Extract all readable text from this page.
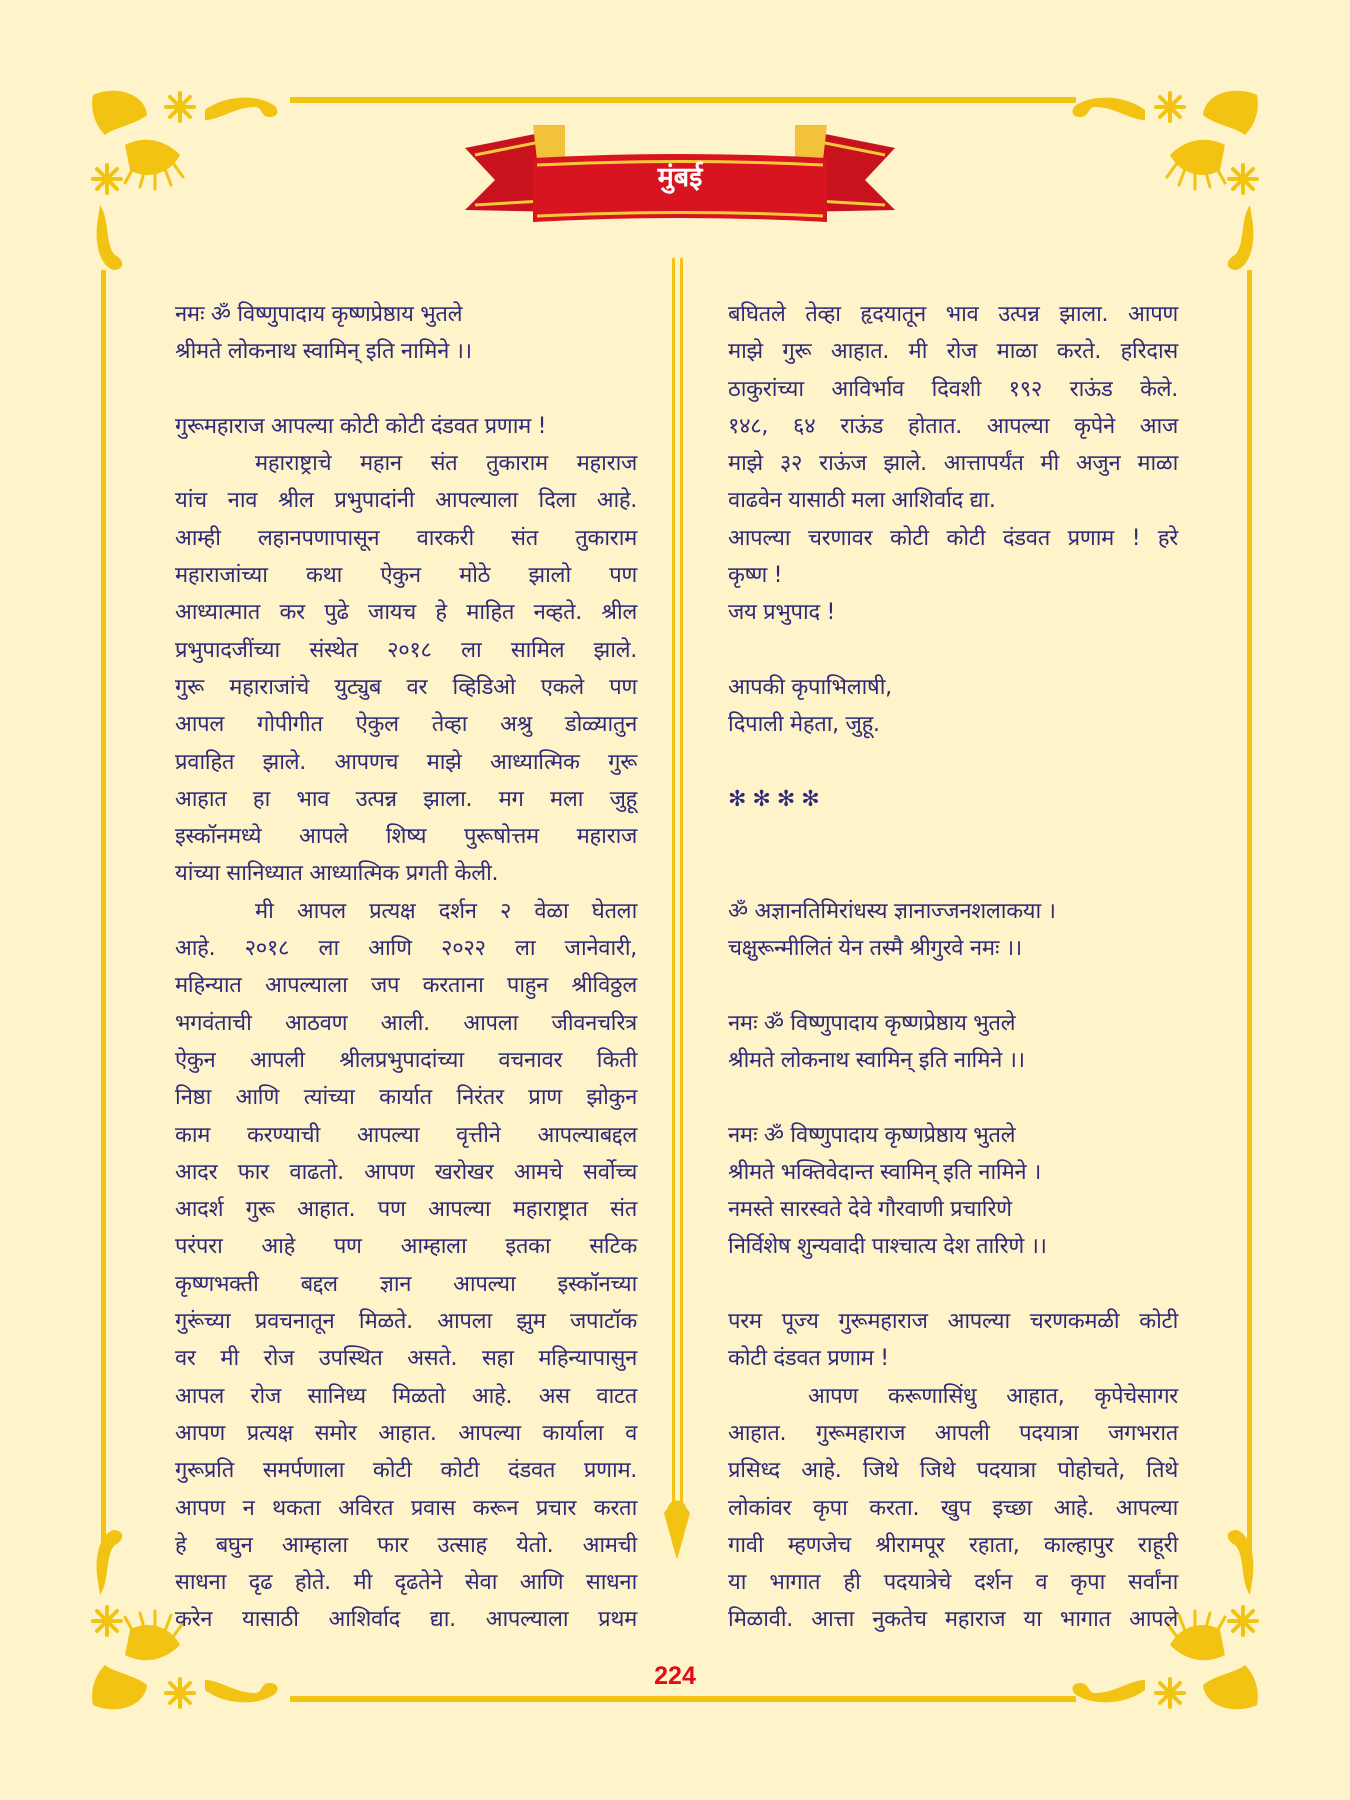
मुंबई
नमः ॐ विष्णुपादाय कृष्णप्रेष्ठाय भुतले
श्रीमते लोकनाथ स्वामिन् इति नामिने ।।
गुरूमहाराज आपल्या कोटी कोटी दंडवत प्रणाम !
महाराष्ट्राचे महान संत तुकाराम महाराज
यांच नाव श्रील प्रभुपादांनी आपल्याला दिला आहे.
आम्ही लहानपणापासून वारकरी संत तुकाराम
महाराजांच्या कथा ऐकुन मोठे झालो पण
आध्यात्मात कर पुढे जायच हे माहित नव्हते. श्रील
प्रभुपादजींच्या संस्थेत २०१८ ला सामिल झाले.
गुरू महाराजांचे युट्युब वर व्हिडिओ एकले पण
आपल गोपीगीत ऐकुल तेव्हा अश्रु डोळ्यातुन
प्रवाहित झाले. आपणच माझे आध्यात्मिक गुरू
आहात हा भाव उत्पन्न झाला. मग मला जुहू
इस्कॉनमध्ये आपले शिष्य पुरूषोत्तम महाराज
यांच्या सानिध्यात आध्यात्मिक प्रगती केली.
मी आपल प्रत्यक्ष दर्शन २ वेळा घेतला
आहे. २०१८ ला आणि २०२२ ला जानेवारी,
महिन्यात आपल्याला जप करताना पाहुन श्रीविठ्ठल
भगवंताची आठवण आली. आपला जीवनचरित्र
ऐकुन आपली श्रीलप्रभुपादांच्या वचनावर किती
निष्ठा आणि त्यांच्या कार्यात निरंतर प्राण झोकुन
काम करण्याची आपल्या वृत्तीने आपल्याबद्दल
आदर फार वाढतो. आपण खरोखर आमचे सर्वोच्च
आदर्श गुरू आहात. पण आपल्या महाराष्ट्रात संत
परंपरा आहे पण आम्हाला इतका सटिक
कृष्णभक्ती बद्दल ज्ञान आपल्या इस्कॉनच्या
गुरूंच्या प्रवचनातून मिळते. आपला झुम जपाटॉक
वर मी रोज उपस्थित असते. सहा महिन्यापासुन
आपल रोज सानिध्य मिळतो आहे. अस वाटत
आपण प्रत्यक्ष समोर आहात. आपल्या कार्याला व
गुरूप्रति समर्पणाला कोटी कोटी दंडवत प्रणाम.
आपण न थकता अविरत प्रवास करून प्रचार करता
हे बघुन आम्हाला फार उत्साह येतो. आमची
साधना दृढ होते. मी दृढतेने सेवा आणि साधना
करेन यासाठी आशिर्वाद द्या. आपल्याला प्रथम
बघितले तेव्हा हृदयातून भाव उत्पन्न झाला. आपण
माझे गुरू आहात. मी रोज माळा करते. हरिदास
ठाकुरांच्या आविर्भाव दिवशी १९२ राऊंड केले.
१४८, ६४ राऊंड होतात. आपल्या कृपेने आज
माझे ३२ राऊंज झाले. आत्तापर्यंत मी अजुन माळा
वाढवेन यासाठी मला आशिर्वाद द्या.
आपल्या चरणावर कोटी कोटी दंडवत प्रणाम ! हरे
कृष्ण !
जय प्रभुपाद !
आपकी कृपाभिलाषी,
दिपाली मेहता, जुहू.
✻✻✻✻
ॐ अज्ञानतिमिरांधस्य ज्ञानाज्जनशलाकया ।
चक्षुरून्मीलितं येन तस्मै श्रीगुरवे नमः ।।
नमः ॐ विष्णुपादाय कृष्णप्रेष्ठाय भुतले
श्रीमते लोकनाथ स्वामिन् इति नामिने ।।
नमः ॐ विष्णुपादाय कृष्णप्रेष्ठाय भुतले
श्रीमते भक्तिवेदान्त स्वामिन् इति नामिने ।
नमस्ते सारस्वते देवे गौरवाणी प्रचारिणे
निर्विशेष शुन्यवादी पाश्चात्य देश तारिणे ।।
परम पूज्य गुरूमहाराज आपल्या चरणकमळी कोटी
कोटी दंडवत प्रणाम !
आपण करूणासिंधु आहात, कृपेचेसागर
आहात. गुरूमहाराज आपली पदयात्रा जगभरात
प्रसिध्द आहे. जिथे जिथे पदयात्रा पोहोचते, तिथे
लोकांवर कृपा करता. खुप इच्छा आहे. आपल्या
गावी म्हणजेच श्रीरामपूर रहाता, काल्हापुर राहूरी
या भागात ही पदयात्रेचे दर्शन व कृपा सर्वांना
मिळावी. आत्ता नुकतेच महाराज या भागात आपले
224
